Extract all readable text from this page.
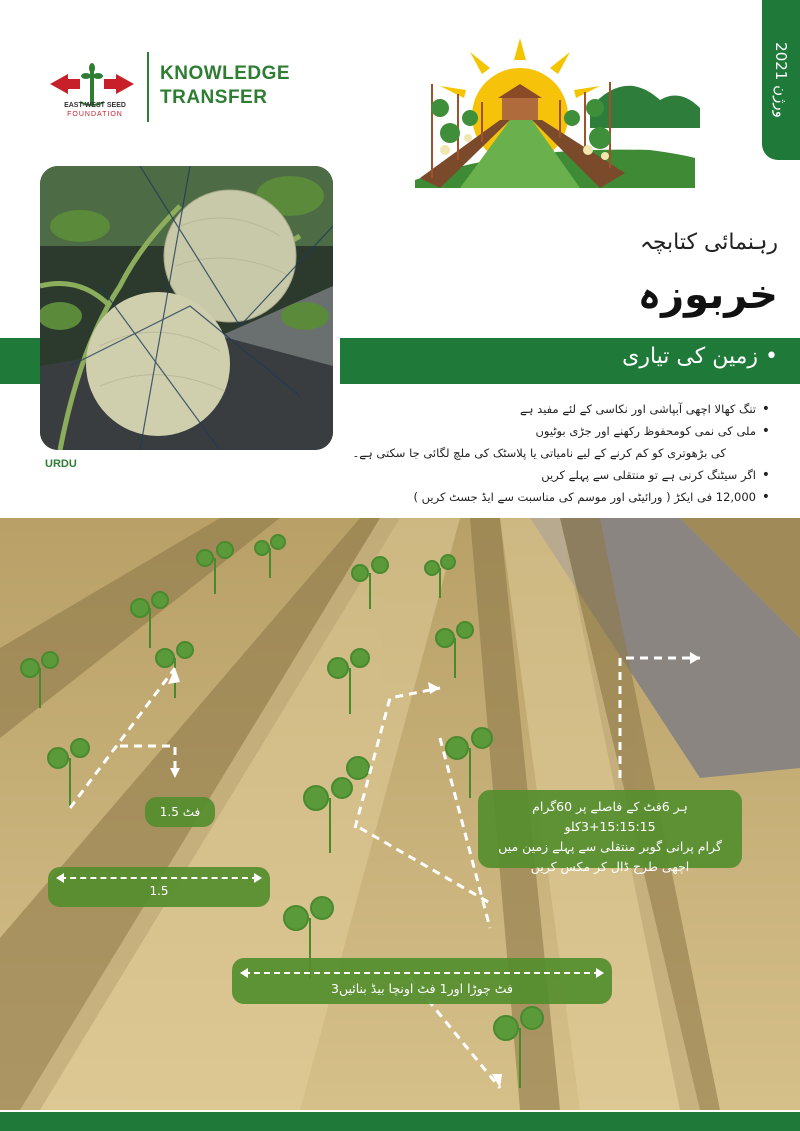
EAST-WEST SEED
FOUNDATION
KNOWLEDGE
TRANSFER
ورژن 2021
رہنمائی کتابچہ
خربوزہ
• زمین کی تیاری
URDU
• تنگ کھالا اچھی آبپاشی اور نکاسی کے لئے مفید ہے
• ملی کی نمی کومحفوظ رکھنے اور جڑی بوٹیوں
کی بڑھوتری کو کم کرنے کے لیے نامیاتی یا پلاسٹک کی ملچ لگائی جا سکتی ہے۔
• اگر سیٹنگ کرنی ہے تو منتقلی سے پہلے کریں
• 12,000 فی ایکڑ ( ورائیٹی اور موسم کی مناسبت سے ایڈ جسٹ کریں )
1.5 فٹ
1.5
ہر 6فٹ کے فاصلے پر 60گرام 15:15:15+3کلو
گرام پرانی گوبر منتقلی سے پہلے زمین میں
اچھی طرح ڈال کر مکس کریں
فٹ چوڑا اور1 فٹ اونچا بیڈ بنائیں3
